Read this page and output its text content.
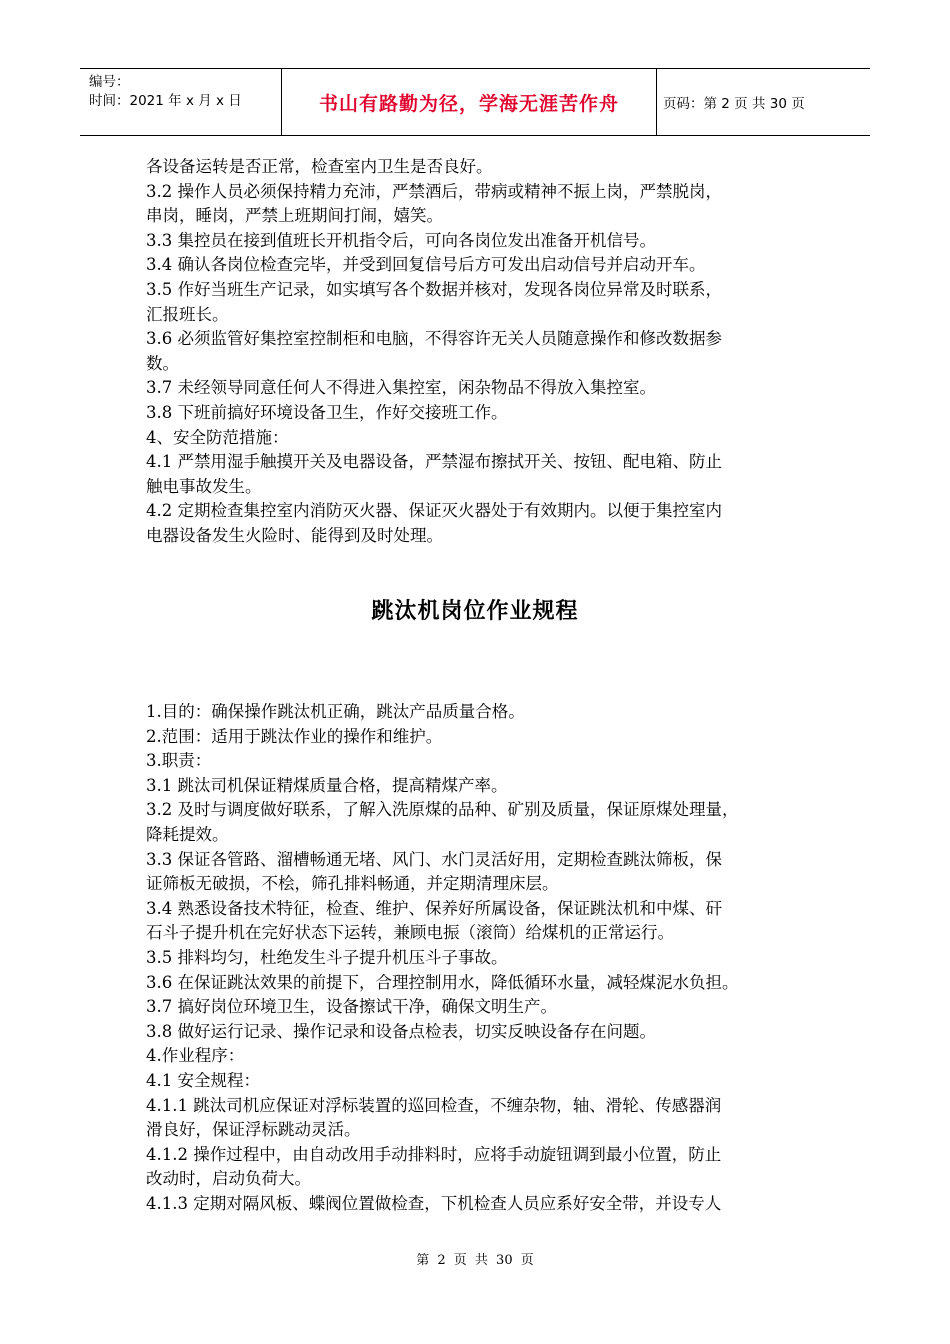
编号：
时间：2021 年 x 月 x 日	书山有路勤为径，学海无涯苦作舟	页码：第 2 页 共 30 页

各设备运转是否正常，检查室内卫生是否良好。

3.2 操作人员必须保持精力充沛，严禁酒后，带病或精神不振上岗，严禁脱岗，

串岗，睡岗，严禁上班期间打闹，嬉笑。

3.3 集控员在接到值班长开机指令后，可向各岗位发出准备开机信号。

3.4 确认各岗位检查完毕，并受到回复信号后方可发出启动信号并启动开车。

3.5 作好当班生产记录，如实填写各个数据并核对，发现各岗位异常及时联系，

汇报班长。

3.6 必须监管好集控室控制柜和电脑，不得容许无关人员随意操作和修改数据参

数。

3.7 未经领导同意任何人不得进入集控室，闲杂物品不得放入集控室。

3.8 下班前搞好环境设备卫生，作好交接班工作。

4、安全防范措施：

4.1 严禁用湿手触摸开关及电器设备，严禁湿布擦拭开关、按钮、配电箱、防止

触电事故发生。

4.2 定期检查集控室内消防灭火器、保证灭火器处于有效期内。以便于集控室内

电器设备发生火险时、能得到及时处理。

跳汰机岗位作业规程

1.目的：确保操作跳汰机正确，跳汰产品质量合格。

2.范围：适用于跳汰作业的操作和维护。

3.职责：

3.1 跳汰司机保证精煤质量合格，提高精煤产率。

3.2 及时与调度做好联系，了解入洗原煤的品种、矿别及质量，保证原煤处理量，

降耗提效。

3.3 保证各管路、溜槽畅通无堵、风门、水门灵活好用，定期检查跳汰筛板，保

证筛板无破损，不桧，筛孔排料畅通，并定期清理床层。

3.4 熟悉设备技术特征，检查、维护、保养好所属设备，保证跳汰机和中煤、矸

石斗子提升机在完好状态下运转，兼顾电振（滚筒）给煤机的正常运行。

3.5 排料均匀，杜绝发生斗子提升机压斗子事故。

3.6 在保证跳汰效果的前提下，合理控制用水，降低循环水量，减轻煤泥水负担。

3.7 搞好岗位环境卫生，设备擦试干净，确保文明生产。

3.8 做好运行记录、操作记录和设备点检表，切实反映设备存在问题。

4.作业程序：

4.1 安全规程：

4.1.1 跳汰司机应保证对浮标装置的巡回检查，不缠杂物，轴、滑轮、传感器润

滑良好，保证浮标跳动灵活。

4.1.2 操作过程中，由自动改用手动排料时，应将手动旋钮调到最小位置，防止

改动时，启动负荷大。

4.1.3 定期对隔风板、蝶阀位置做检查，下机检查人员应系好安全带，并设专人

第 2 页 共 30 页
